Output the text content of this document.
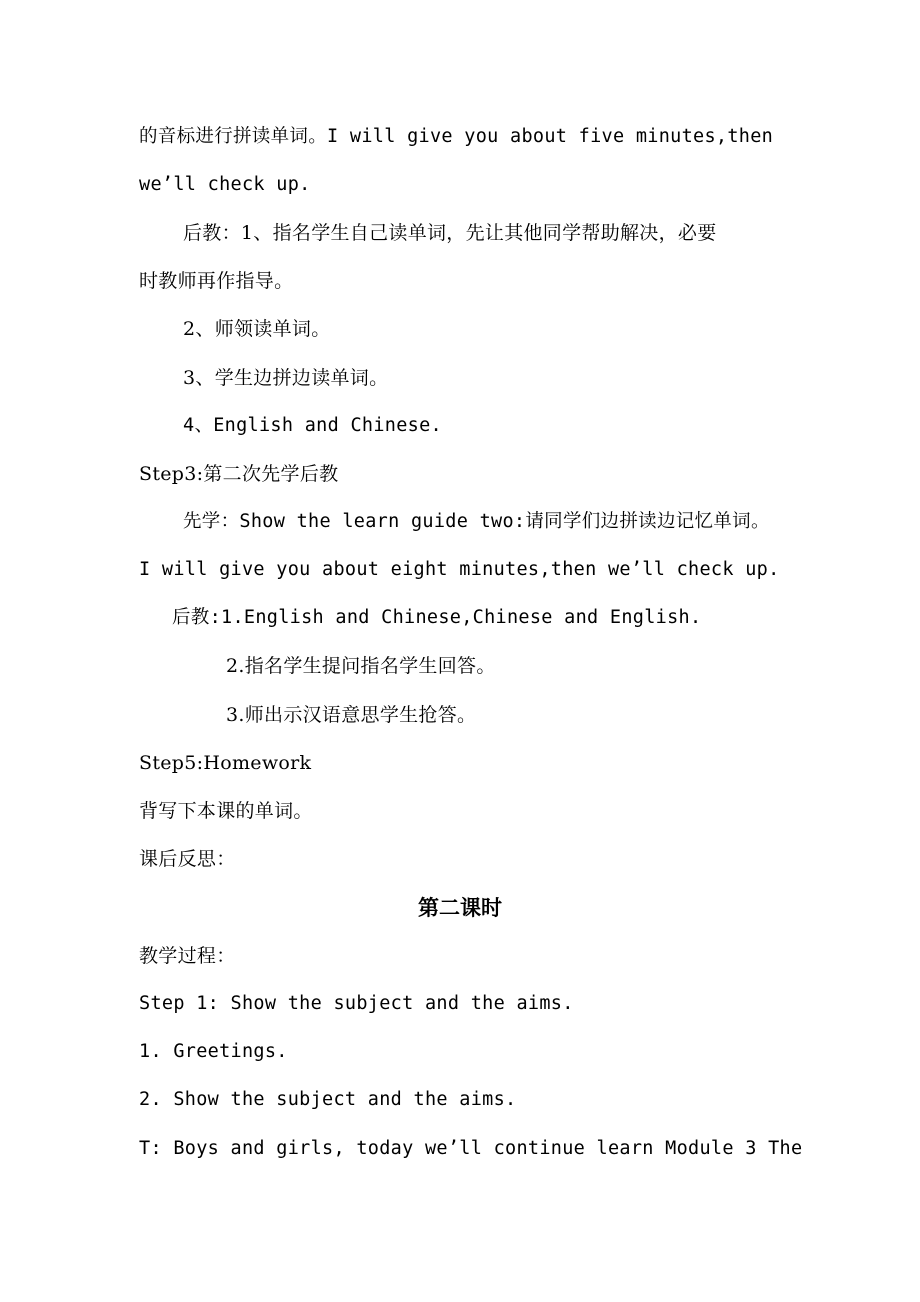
的音标进行拼读单词。I will give you about five minutes,then
we’ll check up.
后教：1、指名学生自己读单词，先让其他同学帮助解决，必要
时教师再作指导。
2、师领读单词。
3、学生边拼边读单词。
4、English and Chinese.
Step3:第二次先学后教
先学：Show the learn guide two:请同学们边拼读边记忆单词。
I will give you about eight minutes,then we’ll check up.
后教:1.English and Chinese,Chinese and English.
2.指名学生提问指名学生回答。
3.师出示汉语意思学生抢答。
Step5:Homework
背写下本课的单词。
课后反思：
第二课时
教学过程：
Step 1: Show the subject and the aims.
1. Greetings.
2. Show the subject and the aims.
T: Boys and girls, today we’ll continue learn Module 3 The
